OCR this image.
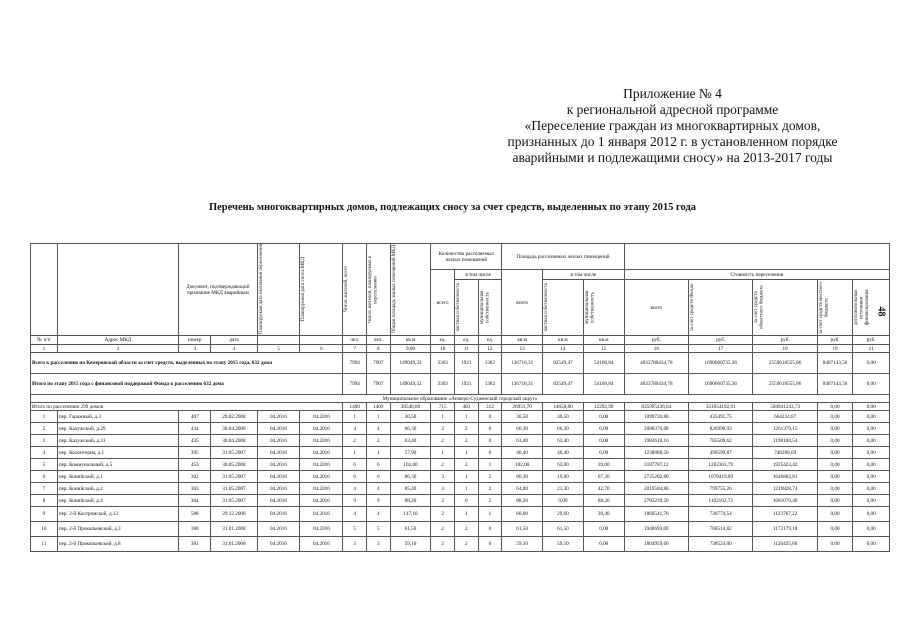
Приложение № 4
к региональной адресной программе
«Переселение граждан из многоквартирных домов,
признанных до 1 января 2012 г. в установленном порядке
аварийными и подлежащими сносу» на 2013-2017 годы
Перечень многоквартирных домов, подлежащих сносу за счет средств, выделенных по этапу 2015 года
48
		Документ, подтверждающий признание МКД аварийным		Планируемая дата окончания переселения	Планируемая дата сноса МКД	Число жителей, всего	Число жителей, планируемых к переселению	Общая площадь жилых помещений МКД	Количество расселяемых жилых помещений			Площадь расселяемых жилых помещений							
									всего	в том числе		всего	в том числе		Стоимость переселения				

										частная собственность	муниципальная собственность		частная собственность	муниципальная собственность	всего	за счет средств Фонда	за счет средств областного бюджета	за счет средств местного бюджета	дополнительные источники финансирования

№ п/п	Адрес МКД	номер	дата			чел.	чел.	кв.м	ед.	ед.	ед.	кв.м	кв.м	кв.м	руб.	руб.	руб.	руб.	руб.
1	2	3	4	5	6	7	8	9,00	10	11	12	13	14	15	16	17	18	19	21
Всего к расселению по Кемеровской области за счет средств, выделенных по этапу 2015 года, 632 дома						7994	7907	149049,32	3303	1921	1382	136718,31	82549,47	54168,84	4033786434,78	1690660735,36	2559618555,86	8407143,56	0,00
Итого по этапу 2015 года с финансовой поддержкой Фонда к расселению 632 дома						7994	7907	149049,32	3303	1921	1382	136718,31	82549,47	54168,84	4033786434,78	1690660735,36	2559618555,86	8407143,56	0,00
Муниципальное образование «Анжеро-Судженский городской округ»																			
Итого по расселению 299 домов						1409	1409	30548,80	715	403	312	26951,70	14658,80	12292,90	835995436,64	331054192,91	504941243,73	0,00	0,00
1	пер. Гаражный, д.3	407	29.02.2008	04.2016	04.2016	1	1	30,50	1	1	0	30,50	30,50	0,00	1099726,80	435491,75	664234,87	0,00	0,00
2	пер. Калужский, д.29	434	30.04.2008	04.2016	04.2016	4	4	66,30	2	2	0	66,30	66,30	0,00	2088376,08	826996,93	1261379,15	0,00	0,00
3	пер. Калужский, д.31	435	30.04.2008	04.2016	04.2016	2	2	63,40	2	2	0	63,40	63,40	0,00	1983610,16	785509,62	1198100,54	0,00	0,00
4	пер. Колонтерна, д.1	395	31.05.2007	04.2016	04.2016	1	1	57,90	1	1	0	40,40	40,40	0,00	1238888,56	490599,87	748288,69	0,00	0,00
5	пер. Коммунальный, д.5	453	30.05.2008	04.2016	04.2016	6	6	102,00	2	2	1	102,00	63,00	39,00	3187787,12	1262363,79	1925423,42	0,00	0,00
6	пер. Конийский, д.1	302	31.05.2007	04.2016	04.2016	6	6	86,30	3	1	2	86,30	19,00	67,30	2725282,80	1078419,89	1646862,81	0,00	0,00
7	пер. Конийский, д.2	303	31.05.2007	04.2016	04.2016	4	4	85,40	3	1	2	64,00	21,30	42,70	2019584,80	799755,26	1219828,74	0,00	0,00
8	пер. Конийский, д.4	304	31.05.2007	04.2016	04.2016	9	9	88,20	2	0	2	88,20	0,00	88,20	2783239,20	1102162,72	1681076,48	0,00	0,00
9	пер. 2-й Костромской, д.13	588	29.12.2008	04.2016	04.2016	4	4	147,10	2	1	1	60,00	29,60	30,40	1860541,76	736774,54	1123767,22	0,00	0,00
10	пер. 2-й Прокопьевский, д.3	380	31.01.2008	04.2016	04.2016	5	5	61,50	2	2	0	61,50	61,50	0,00	1940693,00	768514,82	1172179,18	0,00	0,00
11	пер. 2-й Прокопьевский, д.8	381	31.01.2008	04.2016	04.2016	3	3	59,10	2	2	0	59,10	59,10	0,00	1864959,60	738524,00	1126435,60	0,00	0,00
